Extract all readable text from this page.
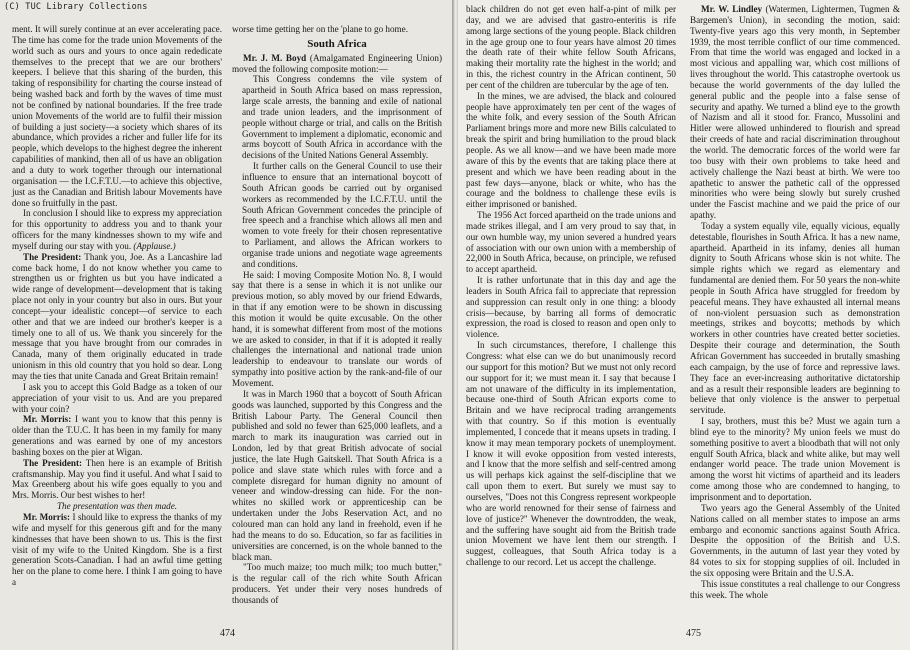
(C) TUC Library Collections

ment. It will surely continue at an ever accelerating pace. The time has come for the trade union Movements of the world such as ours and yours to once again rededicate themselves to the precept that we are our brothers' keepers. I believe that this sharing of the burden, this taking of responsibility for charting the course instead of being washed back and forth by the waves of time must not be confined by national boundaries. If the free trade union Movements of the world are to fulfil their mission of building a just society—a society which shares of its abundance, which provides a richer and fuller life for its people, which develops to the highest degree the inherent capabilities of mankind, then all of us have an obligation and a duty to work together through our international organisation — the I.C.F.T.U.—to achieve this objective, just as the Canadian and British labour Movements have done so fruitfully in the past.

In conclusion I should like to express my appreciation for this opportunity to address you and to thank your officers for the many kindnesses shown to my wife and myself during our stay with you. (Applause.)

The President: Thank you, Joe. As a Lancashire lad come back home, I do not know whether you came to strengthen us or frighten us but you have indicated a wide range of development—development that is taking place not only in your country but also in ours. But your concept—your idealistic concept—of service to each other and that we are indeed our brother's keeper is a timely one to all of us. We thank you sincerely for the message that you have brought from our comrades in Canada, many of them originally educated in trade unionism in this old country that you hold so dear. Long may the ties that unite Canada and Great Britain remain!

I ask you to accept this Gold Badge as a token of our appreciation of your visit to us. And are you prepared with your coin?

Mr. Morris: I want you to know that this penny is older than the T.U.C. It has been in my family for many generations and was earned by one of my ancestors bashing boxes on the pier at Wigan.

The President: Then here is an example of British craftsmanship. May you find it useful. And what I said to Max Greenberg about his wife goes equally to you and Mrs. Morris. Our best wishes to her!

The presentation was then made.

Mr. Morris: I should like to express the thanks of my wife and myself for this generous gift and for the many kindnesses that have been shown to us. This is the first visit of my wife to the United Kingdom. She is a first generation Scots-Canadian. I had an awful time getting her on the plane to come here. I think I am going to have a

worse time getting her on the 'plane to go home.

South Africa

Mr. J. M. Boyd (Amalgamated Engineering Union) moved the following composite motion:—

This Congress condemns the vile system of apartheid in South Africa based on mass repression, large scale arrests, the banning and exile of national and trade union leaders, and the imprisonment of people without charge or trial, and calls on the British Government to implement a diplomatic, economic and arms boycott of South Africa in accordance with the decisions of the United Nations General Assembly.

It further calls on the General Council to use their influence to ensure that an international boycott of South African goods be carried out by organised workers as recommended by the I.C.F.T.U. until the South African Government concedes the principle of free speech and a franchise which allows all men and women to vote freely for their chosen representative to Parliament, and allows the African workers to organise trade unions and negotiate wage agreements and conditions.

He said: I moving Composite Motion No. 8, I would say that there is a sense in which it is not unlike our previous motion, so ably moved by our friend Edwards, in that if any emotion were to be shown in discussing this motion it would be quite excusable. On the other hand, it is somewhat different from most of the motions we are asked to consider, in that if it is adopted it really challenges the international and national trade union leadership to endeavour to translate our words of sympathy into positive action by the rank-and-file of our Movement.

It was in March 1960 that a boycott of South African goods was launched, supported by this Congress and the British Labour Party. The General Council then published and sold no fewer than 625,000 leaflets, and a march to mark its inauguration was carried out in London, led by that great British advocate of social justice, the late Hugh Gaitskell. That South Africa is a police and slave state which rules with force and a complete disregard for human dignity no amount of veneer and window-dressing can hide. For the non-whites no skilled work or apprenticeship can be undertaken under the Jobs Reservation Act, and no coloured man can hold any land in freehold, even if he had the means to do so. Education, so far as facilities in universities are concerned, is on the whole banned to the black man.

"Too much maize; too much milk; too much butter," is the regular call of the rich white South African producers. Yet under their very noses hundreds of thousands of

474

black children do not get even half-a-pint of milk per day, and we are advised that gastro-enteritis is rife among large sections of the young people. Black children in the age group one to four years have almost 20 times the death rate of their white fellow South Africans, making their mortality rate the highest in the world; and in this, the richest country in the African continent, 50 per cent of the children are tubercular by the age of ten.

In the mines, we are advised, the black and coloured people have approximately ten per cent of the wages of the white folk, and every session of the South African Parliament brings more and more new Bills calculated to break the spirit and bring humiliation to the proud black people. As we all know—and we have been made more aware of this by the events that are taking place there at present and which we have been reading about in the past few days—anyone, black or white, who has the courage and the boldness to challenge these evils is either imprisoned or banished.

The 1956 Act forced apartheid on the trade unions and made strikes illegal, and I am very proud to say that, in our own humble way, my union severed a hundred years of association with our own union with a membership of 22,000 in South Africa, because, on principle, we refused to accept apartheid.

It is rather unfortunate that in this day and age the leaders in South Africa fail to appreciate that repression and suppression can result only in one thing: a bloody crisis—because, by barring all forms of democratic expression, the road is closed to reason and open only to violence.

In such circumstances, therefore, I challenge this Congress: what else can we do but unanimously record our support for this motion? But we must not only record our support for it; we must mean it. I say that because I am not unaware of the difficulty in its implementation, because one-third of South African exports come to Britain and we have reciprocal trading arrangements with that country. So if this motion is eventually implemented, I concede that it means upsets in trading. I know it may mean temporary pockets of unemployment. I know it will evoke opposition from vested interests, and I know that the more selfish and self-centred among us will perhaps kick against the self-discipline that we call upon them to exert. But surely we must say to ourselves, "Does not this Congress represent workpeople who are world renowned for their sense of fairness and love of justice?" Whenever the downtrodden, the weak, and the suffering have sought aid from the British trade union Movement we have lent them our strength. I suggest, colleagues, that South Africa today is a challenge to our record. Let us accept the challenge.

Mr. W. Lindley (Watermen, Lightermen, Tugmen & Bargemen's Union), in seconding the motion, said: Twenty-five years ago this very month, in September 1939, the most terrible conflict of our time commenced. From that time the world was engaged and locked in a most vicious and appalling war, which cost millions of lives throughout the world. This catastrophe overtook us because the world governments of the day lulled the general public and the people into a false sense of security and apathy. We turned a blind eye to the growth of Nazism and all it stood for. Franco, Mussolini and Hitler were allowed unhindered to flourish and spread their creeds of hate and racial discrimination throughout the world. The democratic forces of the world were far too busy with their own problems to take heed and actively challenge the Nazi beast at birth. We were too apathetic to answer the pathetic call of the oppressed minorities who were being slowly but surely crushed under the Fascist machine and we paid the price of our apathy.

Today a system equally vile, equally vicious, equally detestable, flourishes in South Africa. It has a new name, apartheid. Apartheid in its infamy, denies all human dignity to South Africans whose skin is not white. The simple rights which we regard as elementary and fundamental are denied them. For 50 years the non-white people in South Africa have struggled for freedom by peaceful means. They have exhausted all internal means of non-violent persuasion such as demonstration meetings, strikes and boycotts; methods by which workers in other countries have created better societies. Despite their courage and determination, the South African Government has succeeded in brutally smashing each campaign, by the use of force and repressive laws. They face an ever-increasing authoritative dictatorship and as a result their responsible leaders are beginning to believe that only violence is the answer to perpetual servitude.

I say, brothers, must this be? Must we again turn a blind eye to the minority? My union feels we must do something positive to avert a bloodbath that will not only engulf South Africa, black and white alike, but may well endanger world peace. The trade union Movement is among the worst hit victims of apartheid and its leaders come among those who are condemned to hanging, to imprisonment and to deportation.

Two years ago the General Assembly of the United Nations called on all member states to impose an arms embargo and economic sanctions against South Africa. Despite the opposition of the British and U.S. Governments, in the autumn of last year they voted by 84 votes to six for stopping supplies of oil. Included in the six opposing were Britain and the U.S.A.

This issue constitutes a real challenge to our Congress this week. The whole

475
